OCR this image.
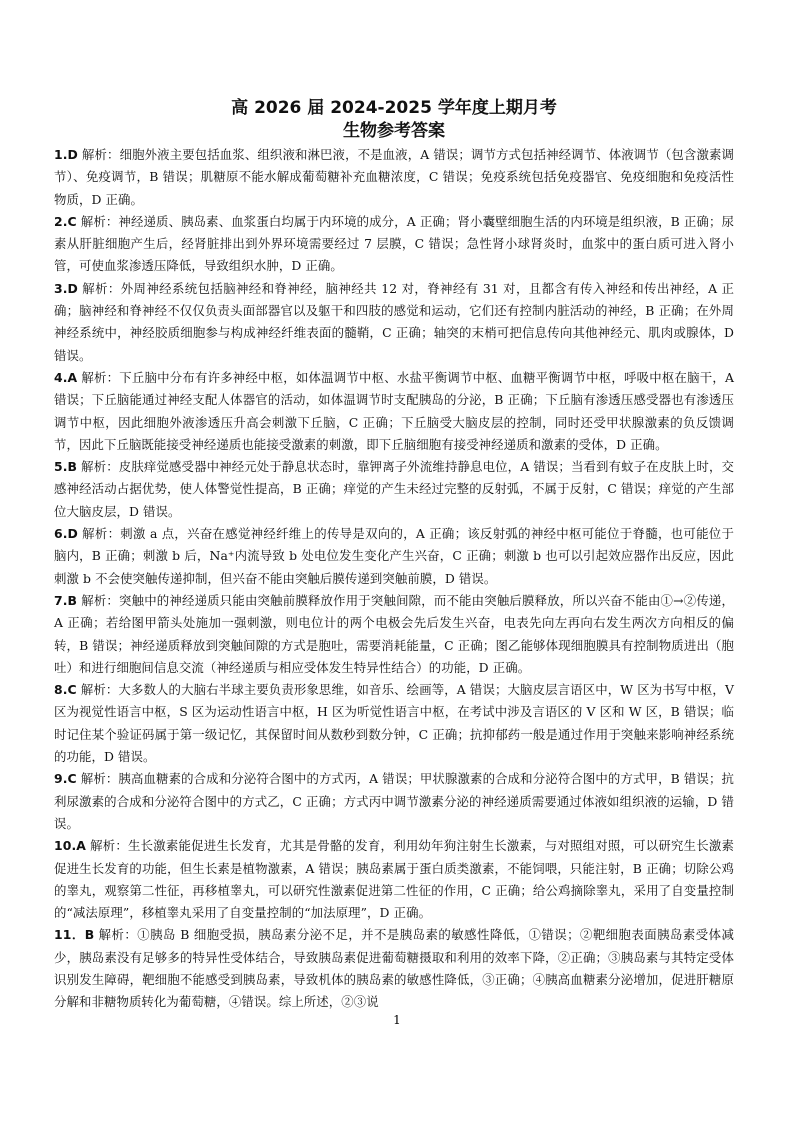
高 2026 届 2024-2025 学年度上期月考
生物参考答案

1.D 解析：细胞外液主要包括血浆、组织液和淋巴液，不是血液，A 错误；调节方式包括神经调节、体液调节（包含激素调节）、免疫调节，B 错误；肌糖原不能水解成葡萄糖补充血糖浓度，C 错误；免疫系统包括免疫器官、免疫细胞和免疫活性物质，D 正确。

2.C 解析：神经递质、胰岛素、血浆蛋白均属于内环境的成分，A 正确；肾小囊壁细胞生活的内环境是组织液，B 正确；尿素从肝脏细胞产生后，经肾脏排出到外界环境需要经过 7 层膜，C 错误；急性肾小球肾炎时，血浆中的蛋白质可进入肾小管，可使血浆渗透压降低，导致组织水肿，D 正确。

3.D 解析：外周神经系统包括脑神经和脊神经，脑神经共 12 对，脊神经有 31 对，且都含有传入神经和传出神经，A 正确；脑神经和脊神经不仅仅负责头面部器官以及躯干和四肢的感觉和运动，它们还有控制内脏活动的神经，B 正确；在外周神经系统中，神经胶质细胞参与构成神经纤维表面的髓鞘，C 正确；轴突的末梢可把信息传向其他神经元、肌肉或腺体，D 错误。

4.A 解析：下丘脑中分布有许多神经中枢，如体温调节中枢、水盐平衡调节中枢、血糖平衡调节中枢，呼吸中枢在脑干，A 错误；下丘脑能通过神经支配人体器官的活动，如体温调节时支配胰岛的分泌，B 正确；下丘脑有渗透压感受器也有渗透压调节中枢，因此细胞外液渗透压升高会刺激下丘脑，C 正确；下丘脑受大脑皮层的控制，同时还受甲状腺激素的负反馈调节，因此下丘脑既能接受神经递质也能接受激素的刺激，即下丘脑细胞有接受神经递质和激素的受体，D 正确。

5.B 解析：皮肤痒觉感受器中神经元处于静息状态时，靠钾离子外流维持静息电位，A 错误；当看到有蚊子在皮肤上时，交感神经活动占据优势，使人体警觉性提高，B 正确；痒觉的产生未经过完整的反射弧，不属于反射，C 错误；痒觉的产生部位大脑皮层，D 错误。

6.D 解析：刺激 a 点，兴奋在感觉神经纤维上的传导是双向的，A 正确；该反射弧的神经中枢可能位于脊髓，也可能位于脑内，B 正确；刺激 b 后，Na⁺内流导致 b 处电位发生变化产生兴奋，C 正确；刺激 b 也可以引起效应器作出反应，因此刺激 b 不会使突触传递抑制，但兴奋不能由突触后膜传递到突触前膜，D 错误。

7.B 解析：突触中的神经递质只能由突触前膜释放作用于突触间隙，而不能由突触后膜释放，所以兴奋不能由①→②传递，A 正确；若给图甲箭头处施加一强刺激，则电位计的两个电极会先后发生兴奋，电表先向左再向右发生两次方向相反的偏转，B 错误；神经递质释放到突触间隙的方式是胞吐，需要消耗能量，C 正确；图乙能够体现细胞膜具有控制物质进出（胞吐）和进行细胞间信息交流（神经递质与相应受体发生特异性结合）的功能，D 正确。

8.C 解析：大多数人的大脑右半球主要负责形象思维，如音乐、绘画等，A 错误；大脑皮层言语区中，W 区为书写中枢，V 区为视觉性语言中枢，S 区为运动性语言中枢，H 区为听觉性语言中枢，在考试中涉及言语区的 V 区和 W 区，B 错误；临时记住某个验证码属于第一级记忆，其保留时间从数秒到数分钟，C 正确；抗抑郁药一般是通过作用于突触来影响神经系统的功能，D 错误。

9.C 解析：胰高血糖素的合成和分泌符合图中的方式丙，A 错误；甲状腺激素的合成和分泌符合图中的方式甲，B 错误；抗利尿激素的合成和分泌符合图中的方式乙，C 正确；方式丙中调节激素分泌的神经递质需要通过体液如组织液的运输，D 错误。

10.A 解析：生长激素能促进生长发育，尤其是骨骼的发育，利用幼年狗注射生长激素，与对照组对照，可以研究生长激素促进生长发育的功能，但生长素是植物激素，A 错误；胰岛素属于蛋白质类激素，不能饲喂，只能注射，B 正确；切除公鸡的睾丸，观察第二性征，再移植睾丸，可以研究性激素促进第二性征的作用，C 正确；给公鸡摘除睾丸，采用了自变量控制的“减法原理”，移植睾丸采用了自变量控制的“加法原理”，D 正确。

11．B 解析：①胰岛 B 细胞受损，胰岛素分泌不足，并不是胰岛素的敏感性降低，①错误；②靶细胞表面胰岛素受体减少，胰岛素没有足够多的特异性受体结合，导致胰岛素促进葡萄糖摄取和利用的效率下降，②正确；③胰岛素与其特定受体识别发生障碍，靶细胞不能感受到胰岛素，导致机体的胰岛素的敏感性降低，③正确；④胰高血糖素分泌增加，促进肝糖原分解和非糖物质转化为葡萄糖，④错误。综上所述，②③说

1
